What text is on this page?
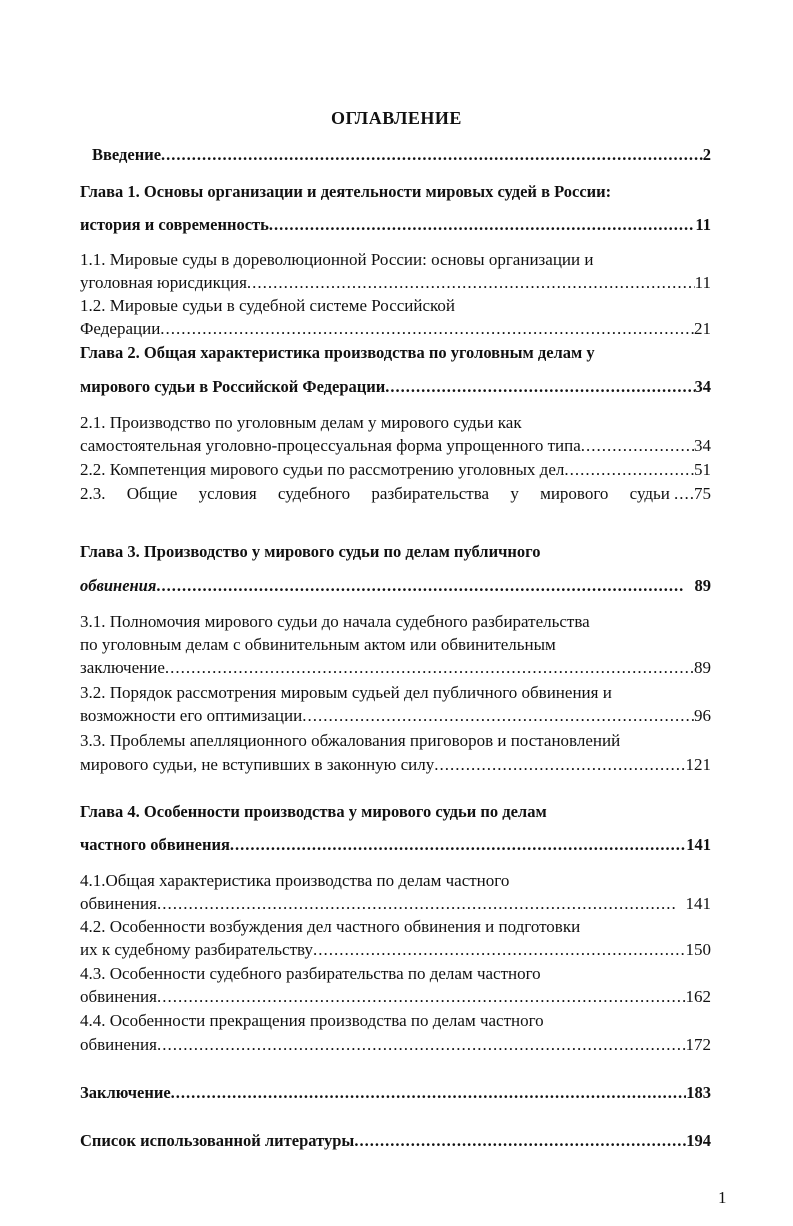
ОГЛАВЛЕНИЕ
Введение .....	2
Глава 1. Основы организации и деятельности мировых судей в России:
история и современность .....	11
1.1. Мировые суды в дореволюционной России: основы организации и
уголовная юрисдикция .....	11
1.2. Мировые судьи в судебной системе Российской
Федерации .....	21
Глава 2. Общая характеристика производства по уголовным делам у
мирового судьи в Российской Федерации .....	34
2.1. Производство по уголовным делам у мирового судьи как
самостоятельная уголовно-процессуальная форма упрощенного типа .....	34
2.2. Компетенция мирового судьи по рассмотрению уголовных дел .....	51
2.3. Общие условия судебного разбирательства у мирового судьи ..... 75
Глава 3. Производство у мирового судьи по делам публичного
обвинения .....	89
3.1. Полномочия мирового судьи до начала судебного разбирательства
по уголовным делам с обвинительным актом или обвинительным
заключение .....	89
3.2. Порядок рассмотрения мировым судьей дел публичного обвинения и
возможности его оптимизации .....	96
3.3. Проблемы апелляционного обжалования приговоров и постановлений
мирового судьи, не вступивших в законную силу .....	121
Глава 4. Особенности производства у мирового судьи по делам
частного обвинения .....	141
4.1.Общая характеристика производства по делам частного
обвинения .....	141
4.2. Особенности возбуждения дел частного обвинения и подготовки
их к судебному разбирательству .....	150
4.3. Особенности судебного разбирательства по делам частного
обвинения .....	162
4.4. Особенности прекращения производства по делам частного
обвинения .....	172
Заключение .....	183
Список использованной литературы .....	194
1
